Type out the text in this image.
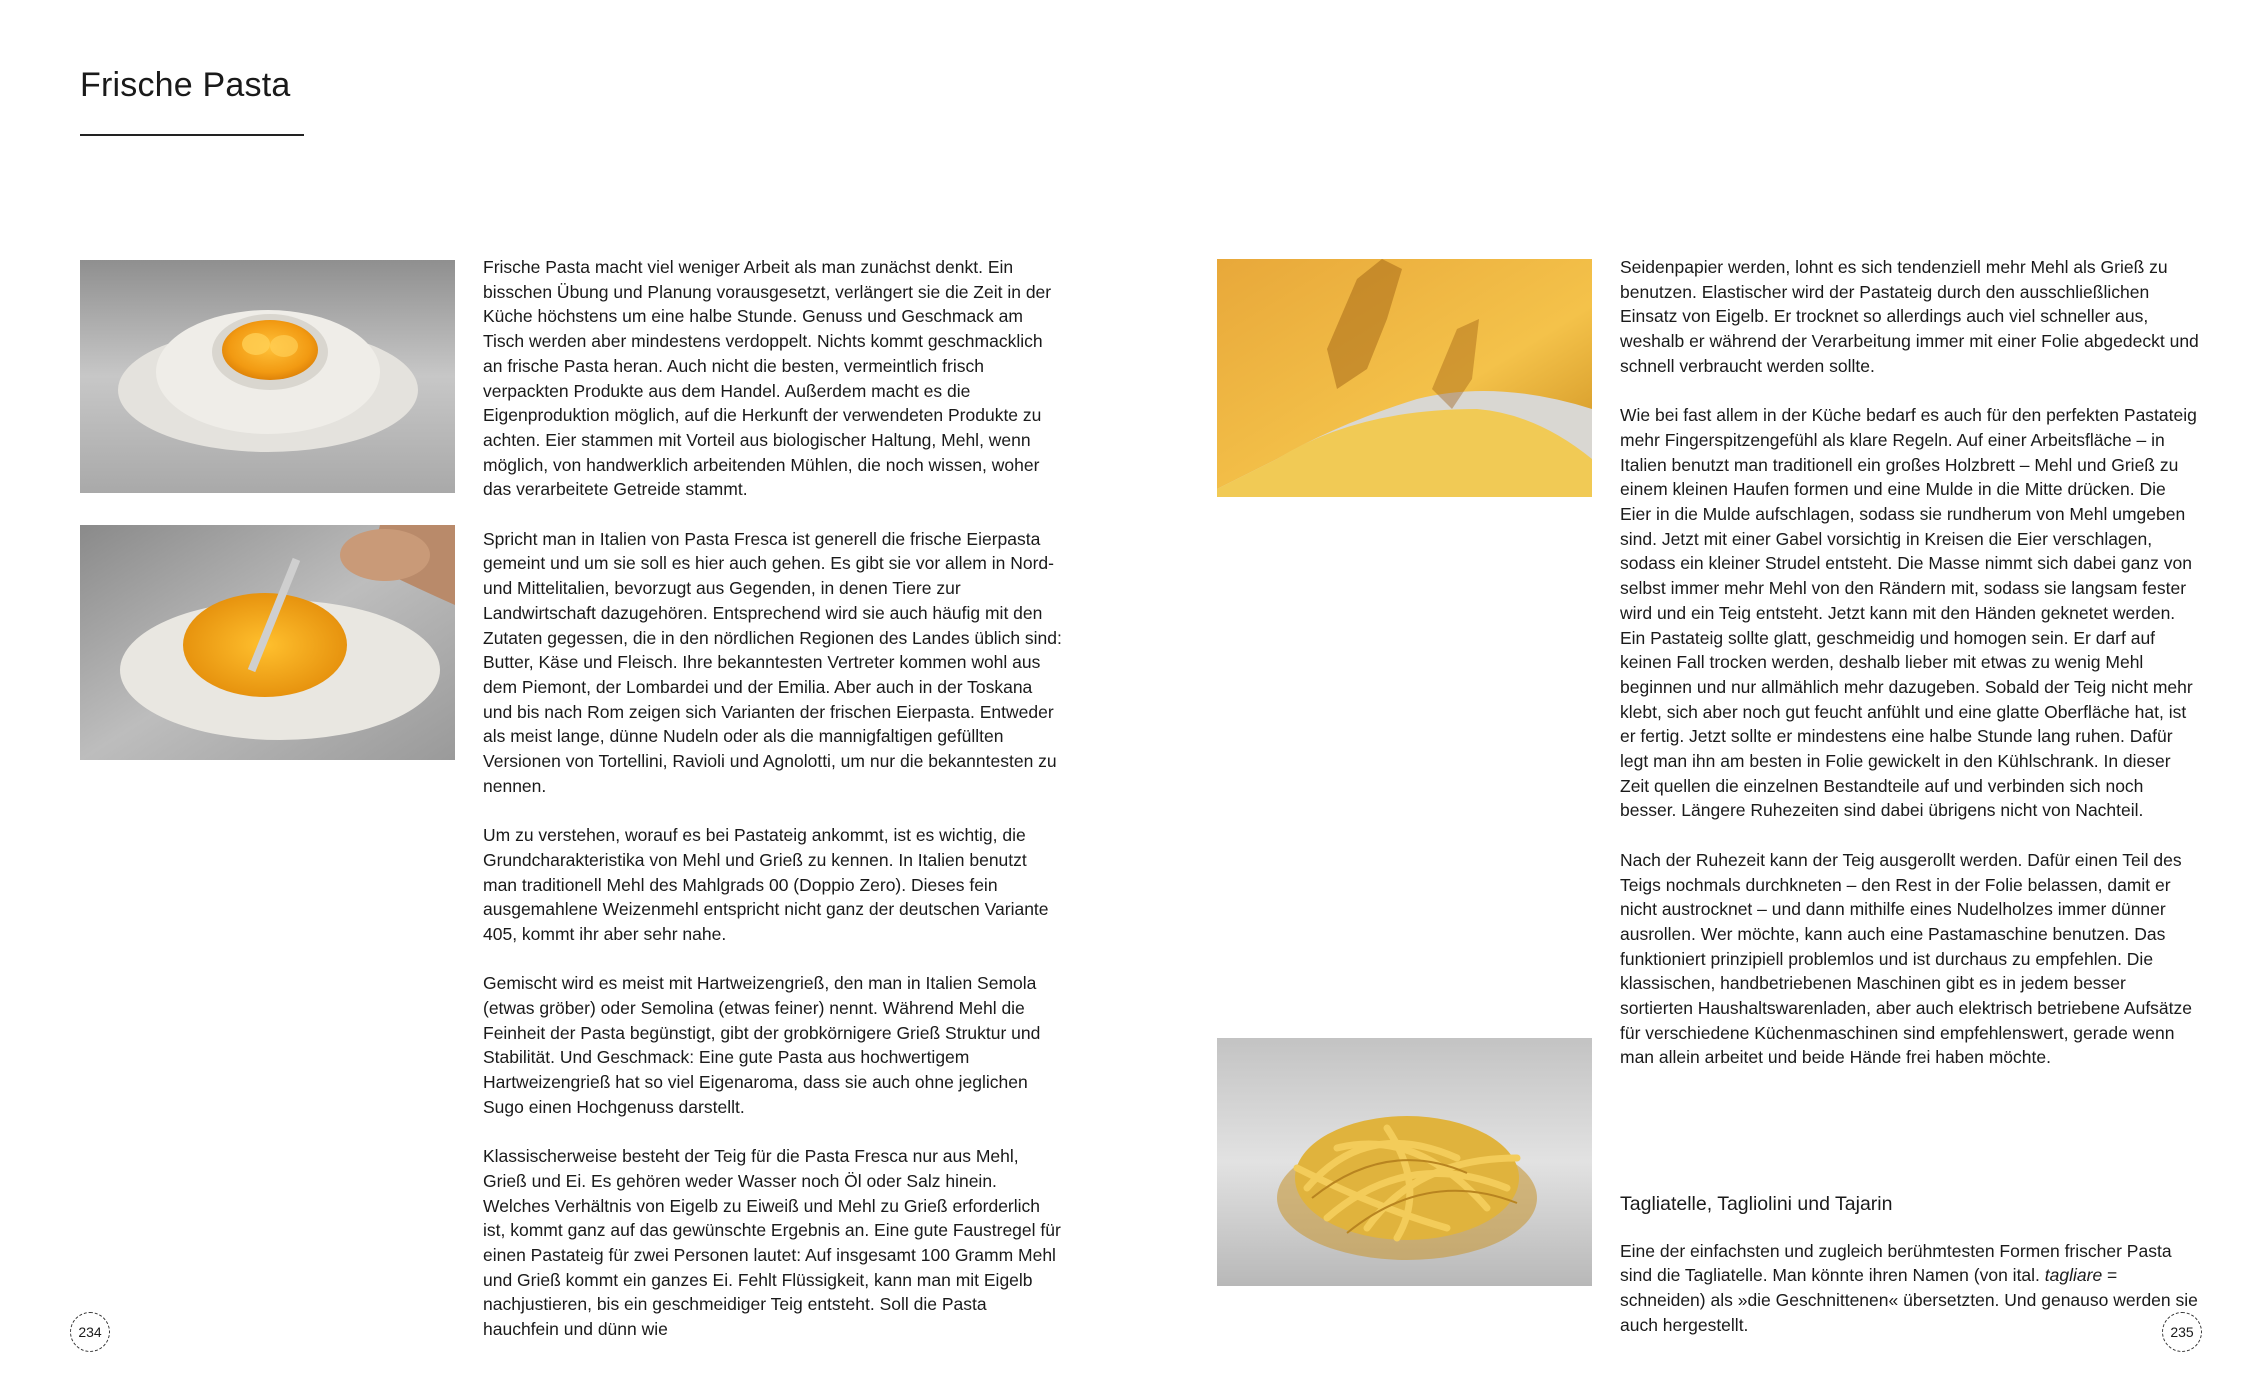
Frische Pasta

Frische Pasta macht viel weniger Arbeit als man zunächst denkt. Ein bisschen Übung und Planung vorausgesetzt, verlängert sie die Zeit in der Küche höchstens um eine halbe Stunde. Genuss und Geschmack am Tisch werden aber mindestens verdoppelt. Nichts kommt geschmacklich an frische Pasta heran. Auch nicht die besten, vermeintlich frisch verpackten Produkte aus dem Handel. Außerdem macht es die Eigenproduktion möglich, auf die Herkunft der verwendeten Produkte zu achten. Eier stammen mit Vorteil aus biologischer Haltung, Mehl, wenn möglich, von handwerklich arbeitenden Mühlen, die noch wissen, woher das verarbeitete Getreide stammt.

Spricht man in Italien von Pasta Fresca ist generell die frische Eierpasta gemeint und um sie soll es hier auch gehen. Es gibt sie vor allem in Nord- und Mittelitalien, bevorzugt aus Gegenden, in denen Tiere zur Landwirtschaft dazugehören. Entsprechend wird sie auch häufig mit den Zutaten gegessen, die in den nördlichen Regionen des Landes üblich sind: Butter, Käse und Fleisch. Ihre bekanntesten Vertreter kommen wohl aus dem Piemont, der Lombardei und der Emilia. Aber auch in der Toskana und bis nach Rom zeigen sich Varianten der frischen Eierpasta. Entweder als meist lange, dünne Nudeln oder als die mannigfaltigen gefüllten Versionen von Tortellini, Ravioli und Agnolotti, um nur die bekanntesten zu nennen.

Um zu verstehen, worauf es bei Pastateig ankommt, ist es wichtig, die Grundcharakteristika von Mehl und Grieß zu kennen. In Italien benutzt man traditionell Mehl des Mahlgrads 00 (Doppio Zero). Dieses fein ausgemahlene Weizenmehl entspricht nicht ganz der deutschen Variante 405, kommt ihr aber sehr nahe.

Gemischt wird es meist mit Hartweizengrieß, den man in Italien Semola (etwas gröber) oder Semolina (etwas feiner) nennt. Während Mehl die Feinheit der Pasta begünstigt, gibt der grobkörnigere Grieß Struktur und Stabilität. Und Geschmack: Eine gute Pasta aus hochwertigem Hartweizengrieß hat so viel Eigenaroma, dass sie auch ohne jeglichen Sugo einen Hochgenuss darstellt.

Klassischerweise besteht der Teig für die Pasta Fresca nur aus Mehl, Grieß und Ei. Es gehören weder Wasser noch Öl oder Salz hinein. Welches Verhältnis von Eigelb zu Eiweiß und Mehl zu Grieß erforderlich ist, kommt ganz auf das gewünschte Ergebnis an. Eine gute Faustregel für einen Pastateig für zwei Personen lautet: Auf insgesamt 100 Gramm Mehl und Grieß kommt ein ganzes Ei. Fehlt Flüssigkeit, kann man mit Eigelb nachjustieren, bis ein geschmeidiger Teig entsteht. Soll die Pasta hauchfein und dünn wie

Seidenpapier werden, lohnt es sich tendenziell mehr Mehl als Grieß zu benutzen. Elastischer wird der Pastateig durch den ausschließlichen Einsatz von Eigelb. Er trocknet so allerdings auch viel schneller aus, weshalb er während der Verarbeitung immer mit einer Folie abgedeckt und schnell verbraucht werden sollte.

Wie bei fast allem in der Küche bedarf es auch für den perfekten Pastateig mehr Fingerspitzengefühl als klare Regeln. Auf einer Arbeitsfläche – in Italien benutzt man traditionell ein großes Holzbrett – Mehl und Grieß zu einem kleinen Haufen formen und eine Mulde in die Mitte drücken. Die Eier in die Mulde aufschlagen, sodass sie rundherum von Mehl umgeben sind. Jetzt mit einer Gabel vorsichtig in Kreisen die Eier verschlagen, sodass ein kleiner Strudel entsteht. Die Masse nimmt sich dabei ganz von selbst immer mehr Mehl von den Rändern mit, sodass sie langsam fester wird und ein Teig entsteht. Jetzt kann mit den Händen geknetet werden. Ein Pastateig sollte glatt, geschmeidig und homogen sein. Er darf auf keinen Fall trocken werden, deshalb lieber mit etwas zu wenig Mehl beginnen und nur allmählich mehr dazugeben. Sobald der Teig nicht mehr klebt, sich aber noch gut feucht anfühlt und eine glatte Oberfläche hat, ist er fertig. Jetzt sollte er mindestens eine halbe Stunde lang ruhen. Dafür legt man ihn am besten in Folie gewickelt in den Kühlschrank. In dieser Zeit quellen die einzelnen Bestandteile auf und verbinden sich noch besser. Längere Ruhezeiten sind dabei übrigens nicht von Nachteil.

Nach der Ruhezeit kann der Teig ausgerollt werden. Dafür einen Teil des Teigs nochmals durchkneten – den Rest in der Folie belassen, damit er nicht austrocknet – und dann mithilfe eines Nudelholzes immer dünner ausrollen. Wer möchte, kann auch eine Pastamaschine benutzen. Das funktioniert prinzipiell problemlos und ist durchaus zu empfehlen. Die klassischen, handbetriebenen Maschinen gibt es in jedem besser sortierten Haushaltswarenladen, aber auch elektrisch betriebene Aufsätze für verschiedene Küchenmaschinen sind empfehlenswert, gerade wenn man allein arbeitet und beide Hände frei haben möchte.

Tagliatelle, Tagliolini und Tajarin

Eine der einfachsten und zugleich berühmtesten Formen frischer Pasta sind die Tagliatelle. Man könnte ihren Namen (von ital. tagliare = schneiden) als »die Geschnittenen« übersetzten. Und genauso werden sie auch hergestellt.

234	235
